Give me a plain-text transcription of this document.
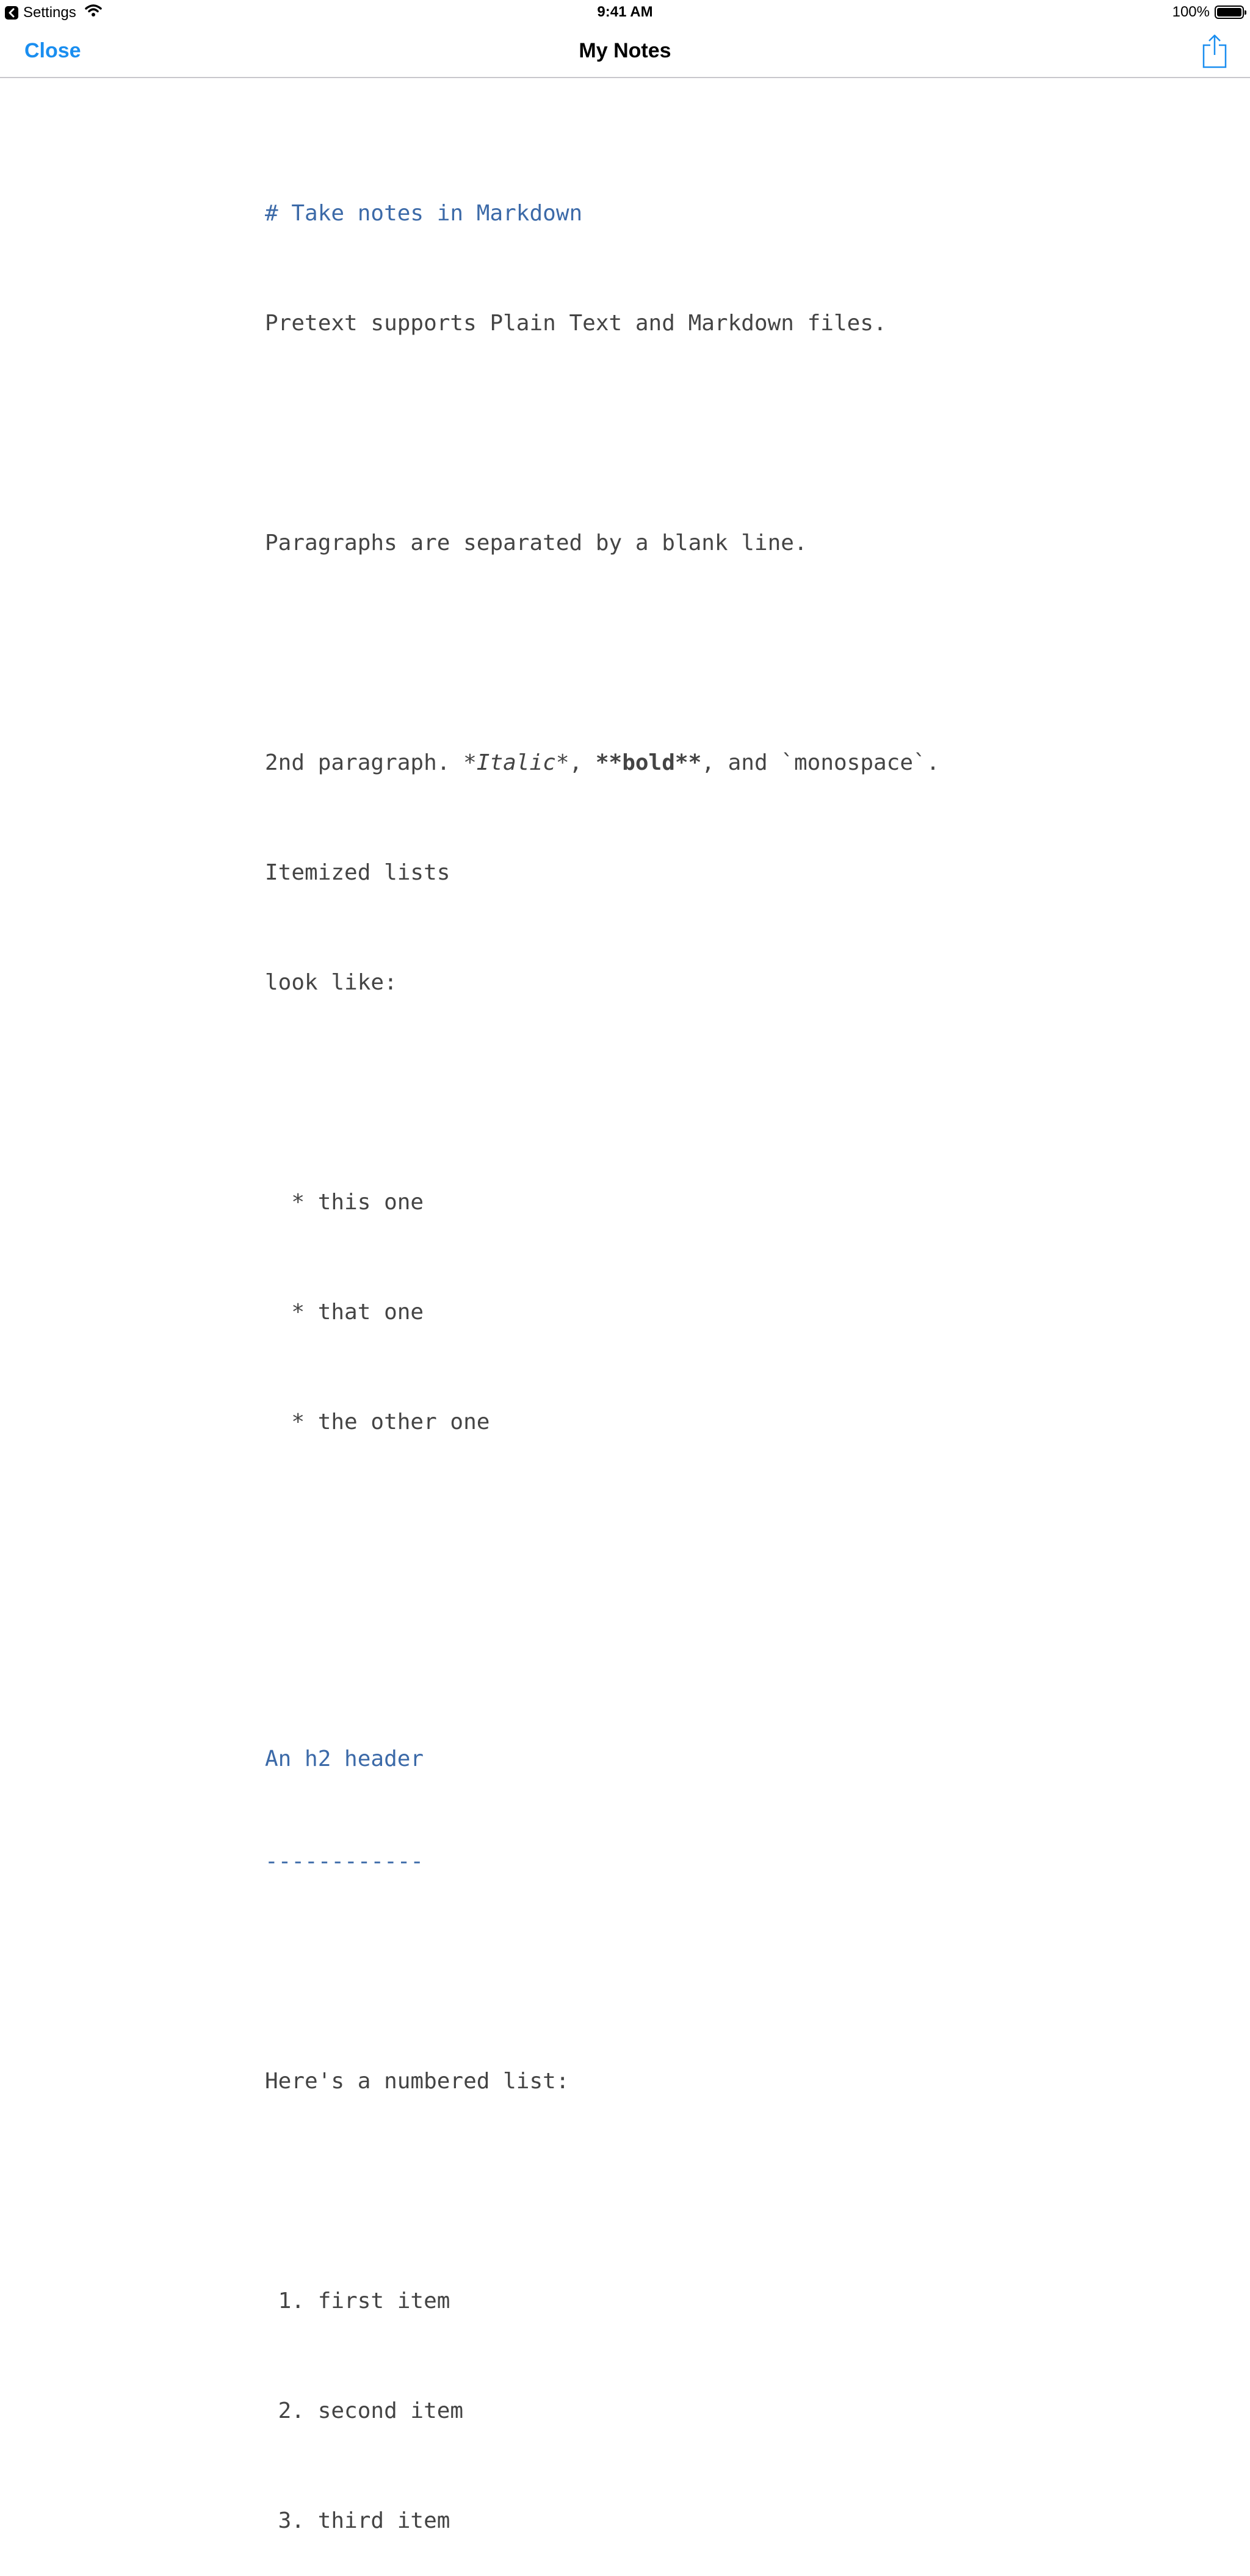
Settings	9:41 AM	100%
Close	My Notes

# Take notes in Markdown

Pretext supports Plain Text and Markdown files.

Paragraphs are separated by a blank line.

2nd paragraph. *Italic*, **bold**, and `monospace`.

Itemized lists

look like:

* this one

* that one

* the other one

An h2 header

------------

Here's a numbered list:

1. first item

2. second item

3. third item
